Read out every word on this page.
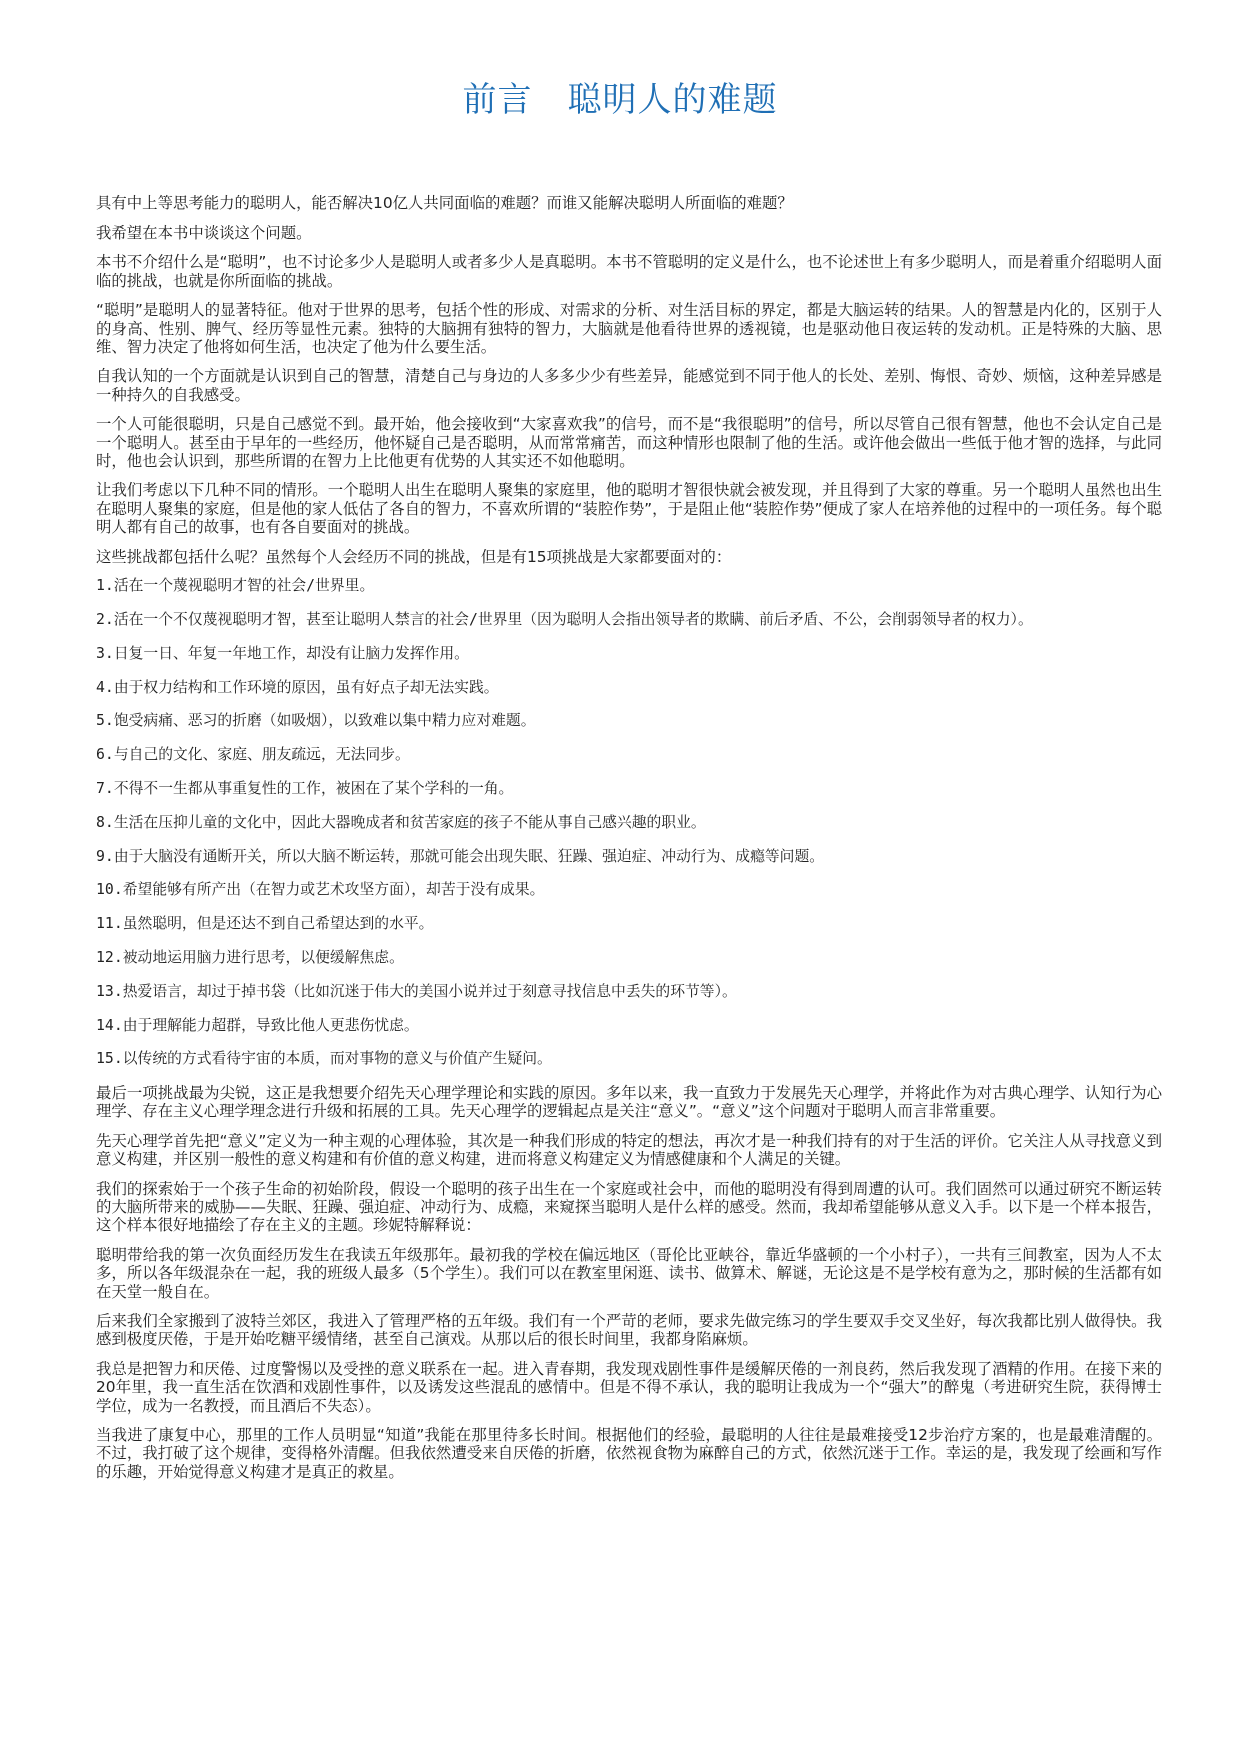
前言　聪明人的难题

具有中上等思考能力的聪明人，能否解决10亿人共同面临的难题？而谁又能解决聪明人所面临的难题？

我希望在本书中谈谈这个问题。

本书不介绍什么是“聪明”，也不讨论多少人是聪明人或者多少人是真聪明。本书不管聪明的定义是什么，也不论述世上有多少聪明人，而是着重介绍聪明人面临的挑战，也就是你所面临的挑战。

“聪明”是聪明人的显著特征。他对于世界的思考，包括个性的形成、对需求的分析、对生活目标的界定，都是大脑运转的结果。人的智慧是内化的，区别于人的身高、性别、脾气、经历等显性元素。独特的大脑拥有独特的智力，大脑就是他看待世界的透视镜，也是驱动他日夜运转的发动机。正是特殊的大脑、思维、智力决定了他将如何生活，也决定了他为什么要生活。

自我认知的一个方面就是认识到自己的智慧，清楚自己与身边的人多多少少有些差异，能感觉到不同于他人的长处、差别、悔恨、奇妙、烦恼，这种差异感是一种持久的自我感受。

一个人可能很聪明，只是自己感觉不到。最开始，他会接收到“大家喜欢我”的信号，而不是“我很聪明”的信号，所以尽管自己很有智慧，他也不会认定自己是一个聪明人。甚至由于早年的一些经历，他怀疑自己是否聪明，从而常常痛苦，而这种情形也限制了他的生活。或许他会做出一些低于他才智的选择，与此同时，他也会认识到，那些所谓的在智力上比他更有优势的人其实还不如他聪明。

让我们考虑以下几种不同的情形。一个聪明人出生在聪明人聚集的家庭里，他的聪明才智很快就会被发现，并且得到了大家的尊重。另一个聪明人虽然也出生在聪明人聚集的家庭，但是他的家人低估了各自的智力，不喜欢所谓的“装腔作势”，于是阻止他“装腔作势”便成了家人在培养他的过程中的一项任务。每个聪明人都有自己的故事，也有各自要面对的挑战。

这些挑战都包括什么呢？虽然每个人会经历不同的挑战，但是有15项挑战是大家都要面对的：

1.活在一个蔑视聪明才智的社会/世界里。

2.活在一个不仅蔑视聪明才智，甚至让聪明人禁言的社会/世界里（因为聪明人会指出领导者的欺瞒、前后矛盾、不公，会削弱领导者的权力）。

3.日复一日、年复一年地工作，却没有让脑力发挥作用。

4.由于权力结构和工作环境的原因，虽有好点子却无法实践。

5.饱受病痛、恶习的折磨（如吸烟），以致难以集中精力应对难题。

6.与自己的文化、家庭、朋友疏远，无法同步。

7.不得不一生都从事重复性的工作，被困在了某个学科的一角。

8.生活在压抑儿童的文化中，因此大器晚成者和贫苦家庭的孩子不能从事自己感兴趣的职业。

9.由于大脑没有通断开关，所以大脑不断运转，那就可能会出现失眠、狂躁、强迫症、冲动行为、成瘾等问题。

10.希望能够有所产出（在智力或艺术攻坚方面），却苦于没有成果。

11.虽然聪明，但是还达不到自己希望达到的水平。

12.被动地运用脑力进行思考，以便缓解焦虑。

13.热爱语言，却过于掉书袋（比如沉迷于伟大的美国小说并过于刻意寻找信息中丢失的环节等）。

14.由于理解能力超群，导致比他人更悲伤忧虑。

15.以传统的方式看待宇宙的本质，而对事物的意义与价值产生疑问。

最后一项挑战最为尖锐，这正是我想要介绍先天心理学理论和实践的原因。多年以来，我一直致力于发展先天心理学，并将此作为对古典心理学、认知行为心理学、存在主义心理学理念进行升级和拓展的工具。先天心理学的逻辑起点是关注“意义”。“意义”这个问题对于聪明人而言非常重要。

先天心理学首先把“意义”定义为一种主观的心理体验，其次是一种我们形成的特定的想法，再次才是一种我们持有的对于生活的评价。它关注人从寻找意义到意义构建，并区别一般性的意义构建和有价值的意义构建，进而将意义构建定义为情感健康和个人满足的关键。

我们的探索始于一个孩子生命的初始阶段，假设一个聪明的孩子出生在一个家庭或社会中，而他的聪明没有得到周遭的认可。我们固然可以通过研究不断运转的大脑所带来的威胁——失眠、狂躁、强迫症、冲动行为、成瘾，来窥探当聪明人是什么样的感受。然而，我却希望能够从意义入手。以下是一个样本报告，这个样本很好地描绘了存在主义的主题。珍妮特解释说：

聪明带给我的第一次负面经历发生在我读五年级那年。最初我的学校在偏远地区（哥伦比亚峡谷，靠近华盛顿的一个小村子），一共有三间教室，因为人不太多，所以各年级混杂在一起，我的班级人最多（5个学生）。我们可以在教室里闲逛、读书、做算术、解谜，无论这是不是学校有意为之，那时候的生活都有如在天堂一般自在。

后来我们全家搬到了波特兰郊区，我进入了管理严格的五年级。我们有一个严苛的老师，要求先做完练习的学生要双手交叉坐好，每次我都比别人做得快。我感到极度厌倦，于是开始吃糖平缓情绪，甚至自己演戏。从那以后的很长时间里，我都身陷麻烦。

我总是把智力和厌倦、过度警惕以及受挫的意义联系在一起。进入青春期，我发现戏剧性事件是缓解厌倦的一剂良药，然后我发现了酒精的作用。在接下来的20年里，我一直生活在饮酒和戏剧性事件，以及诱发这些混乱的感情中。但是不得不承认，我的聪明让我成为一个“强大”的醉鬼（考进研究生院，获得博士学位，成为一名教授，而且酒后不失态）。

当我进了康复中心，那里的工作人员明显“知道”我能在那里待多长时间。根据他们的经验，最聪明的人往往是最难接受12步治疗方案的，也是最难清醒的。不过，我打破了这个规律，变得格外清醒。但我依然遭受来自厌倦的折磨，依然视食物为麻醉自己的方式，依然沉迷于工作。幸运的是，我发现了绘画和写作的乐趣，开始觉得意义构建才是真正的救星。
